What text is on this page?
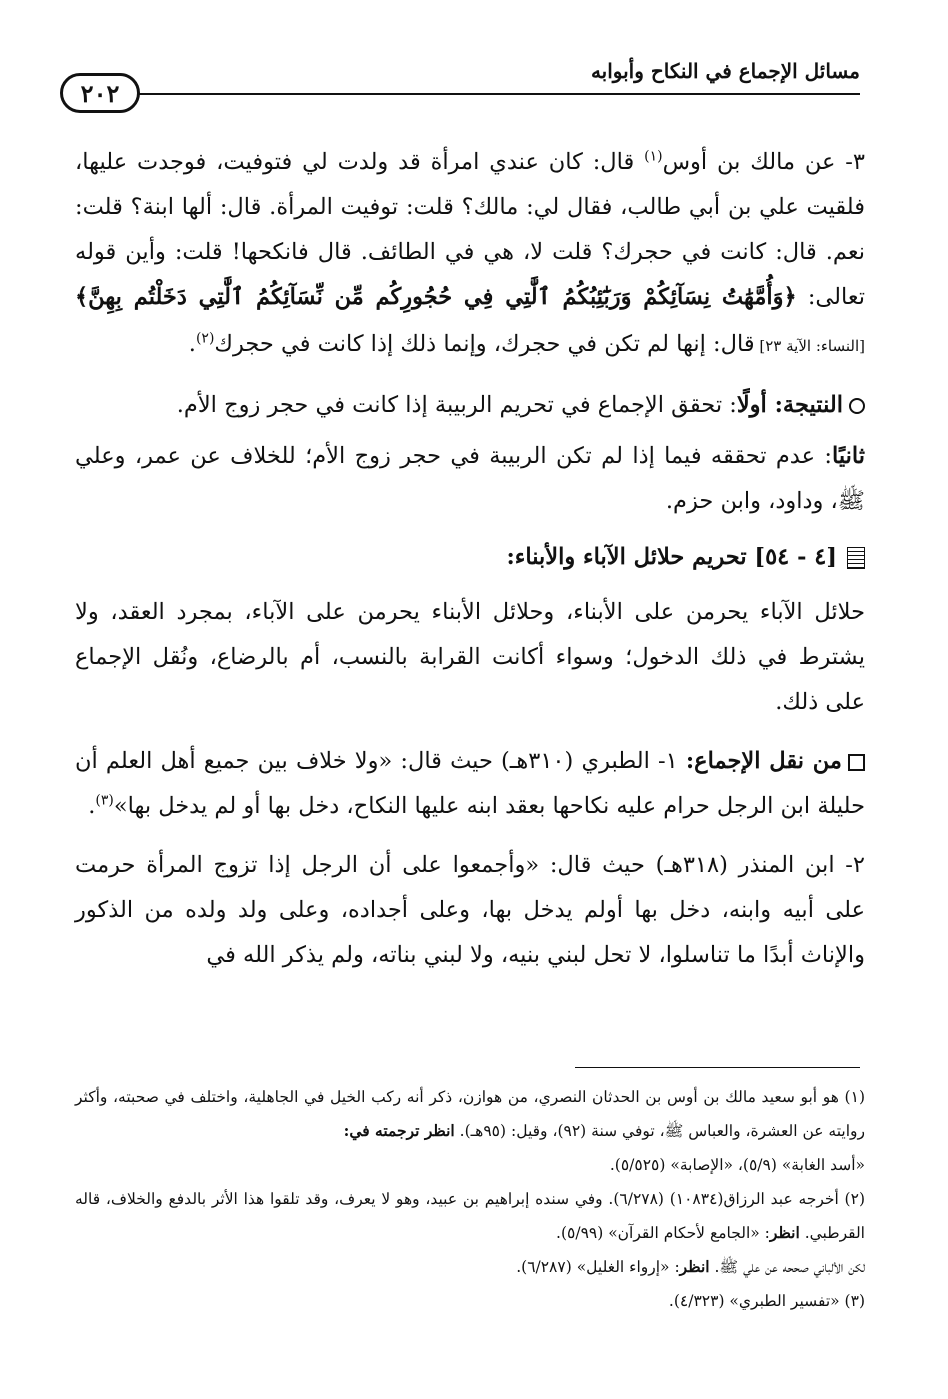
مسائل الإجماع في النكاح وأبوابه
٢٠٢

٣- عن مالك بن أوس$^{(١)}$ قال: كان عندي امرأة قد ولدت لي فتوفيت، فوجدت عليها، فلقيت علي بن أبي طالب، فقال لي: مالك؟ قلت: توفيت المرأة. قال: ألها ابنة؟ قلت: نعم. قال: كانت في حجرك؟ قلت لا، هي في الطائف. قال فانكحها! قلت: وأين قوله تعالى: ﴿وَأُمَّهَٰتُ نِسَآئِكُمْ وَرَبَٰٓئِبُكُمُ ٱلَّٰتِي فِي حُجُورِكُم مِّن نِّسَآئِكُمُ ٱلَّٰتِي دَخَلْتُم بِهِنَّ﴾ [النساء: الآية ٢٣] قال: إنها لم تكن في حجرك، وإنما ذلك إذا كانت في حجرك$^{(٢)}$.

النتيجة: أولًا: تحقق الإجماع في تحريم الربيبة إذا كانت في حجر زوج الأم.

ثانيًا: عدم تحققه فيما إذا لم تكن الربيبة في حجر زوج الأم؛ للخلاف عن عمر، وعلي ﷺ، وداود، وابن حزم.

[٤ - ٥٤] تحريم حلائل الآباء والأبناء:

حلائل الآباء يحرمن على الأبناء، وحلائل الأبناء يحرمن على الآباء، بمجرد العقد، ولا يشترط في ذلك الدخول؛ وسواء أكانت القرابة بالنسب، أم بالرضاع، ونُقل الإجماع على ذلك.

من نقل الإجماع: ١- الطبري (٣١٠هـ) حيث قال: «ولا خلاف بين جميع أهل العلم أن حليلة ابن الرجل حرام عليه نكاحها بعقد ابنه عليها النكاح، دخل بها أو لم يدخل بها»$^{(٣)}$.

٢- ابن المنذر (٣١٨هـ) حيث قال: «وأجمعوا على أن الرجل إذا تزوج المرأة حرمت على أبيه وابنه، دخل بها أولم يدخل بها، وعلى أجداده، وعلى ولد ولده من الذكور والإناث أبدًا ما تناسلوا، لا تحل لبني بنيه، ولا لبني بناته، ولم يذكر الله في

(١) هو أبو سعيد مالك بن أوس بن الحدثان النصري، من هوازن، ذكر أنه ركب الخيل في الجاهلية، واختلف في صحبته، وأكثر روايته عن العشرة، والعباس ﷺ، توفي سنة (٩٢)، وقيل: (٩٥هـ). انظر ترجمته في:
«أسد الغابة» (٥/٩)، «الإصابة» (٥/٥٢٥).

(٢) أخرجه عبد الرزاق(١٠٨٣٤) (٦/٢٧٨). وفي سنده إبراهيم بن عبيد، وهو لا يعرف، وقد تلقوا هذا الأثر بالدفع والخلاف، قاله القرطبي. انظر: «الجامع لأحكام القرآن» (٥/٩٩).

لكن الألباني صححه عن علي ﷺ. انظر: «إرواء الغليل» (٦/٢٨٧).

(٣) «تفسير الطبري» (٤/٣٢٣).
